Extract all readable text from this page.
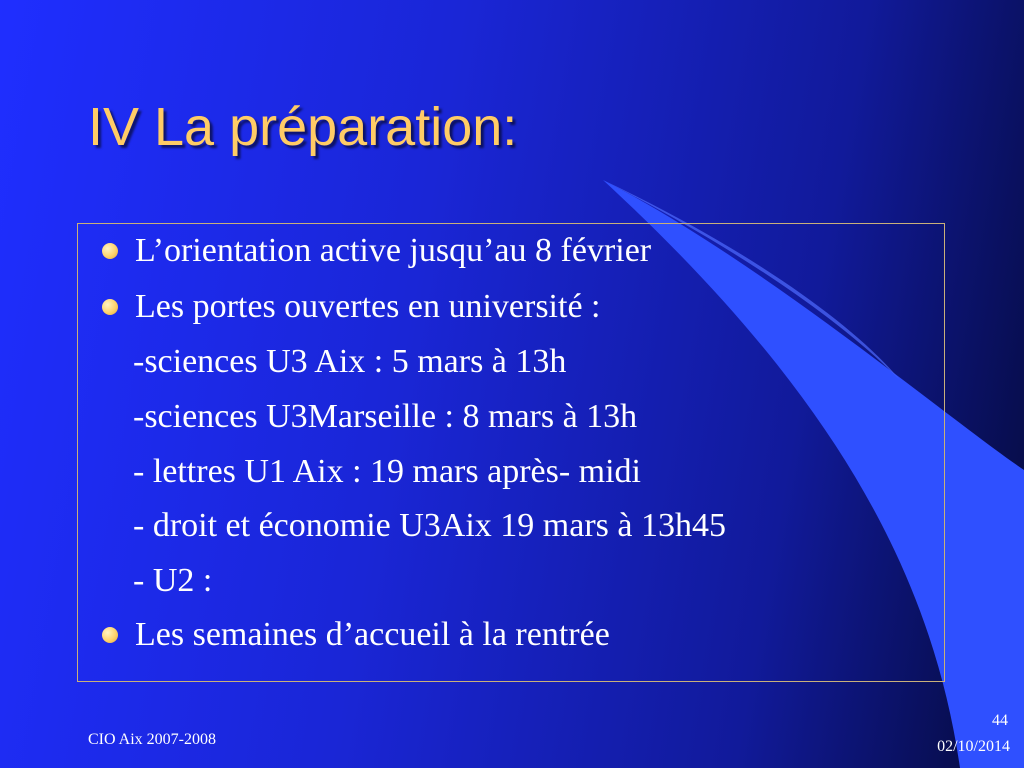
IV La préparation:
L’orientation active jusqu’au 8 février
Les portes ouvertes en université :
-sciences U3 Aix : 5 mars à 13h
-sciences U3Marseille : 8 mars à 13h
- lettres U1 Aix : 19 mars après- midi
- droit et économie U3Aix 19 mars à 13h45
- U2 :
Les semaines d’accueil à la rentrée
CIO Aix 2007-2008
44
02/10/2014
